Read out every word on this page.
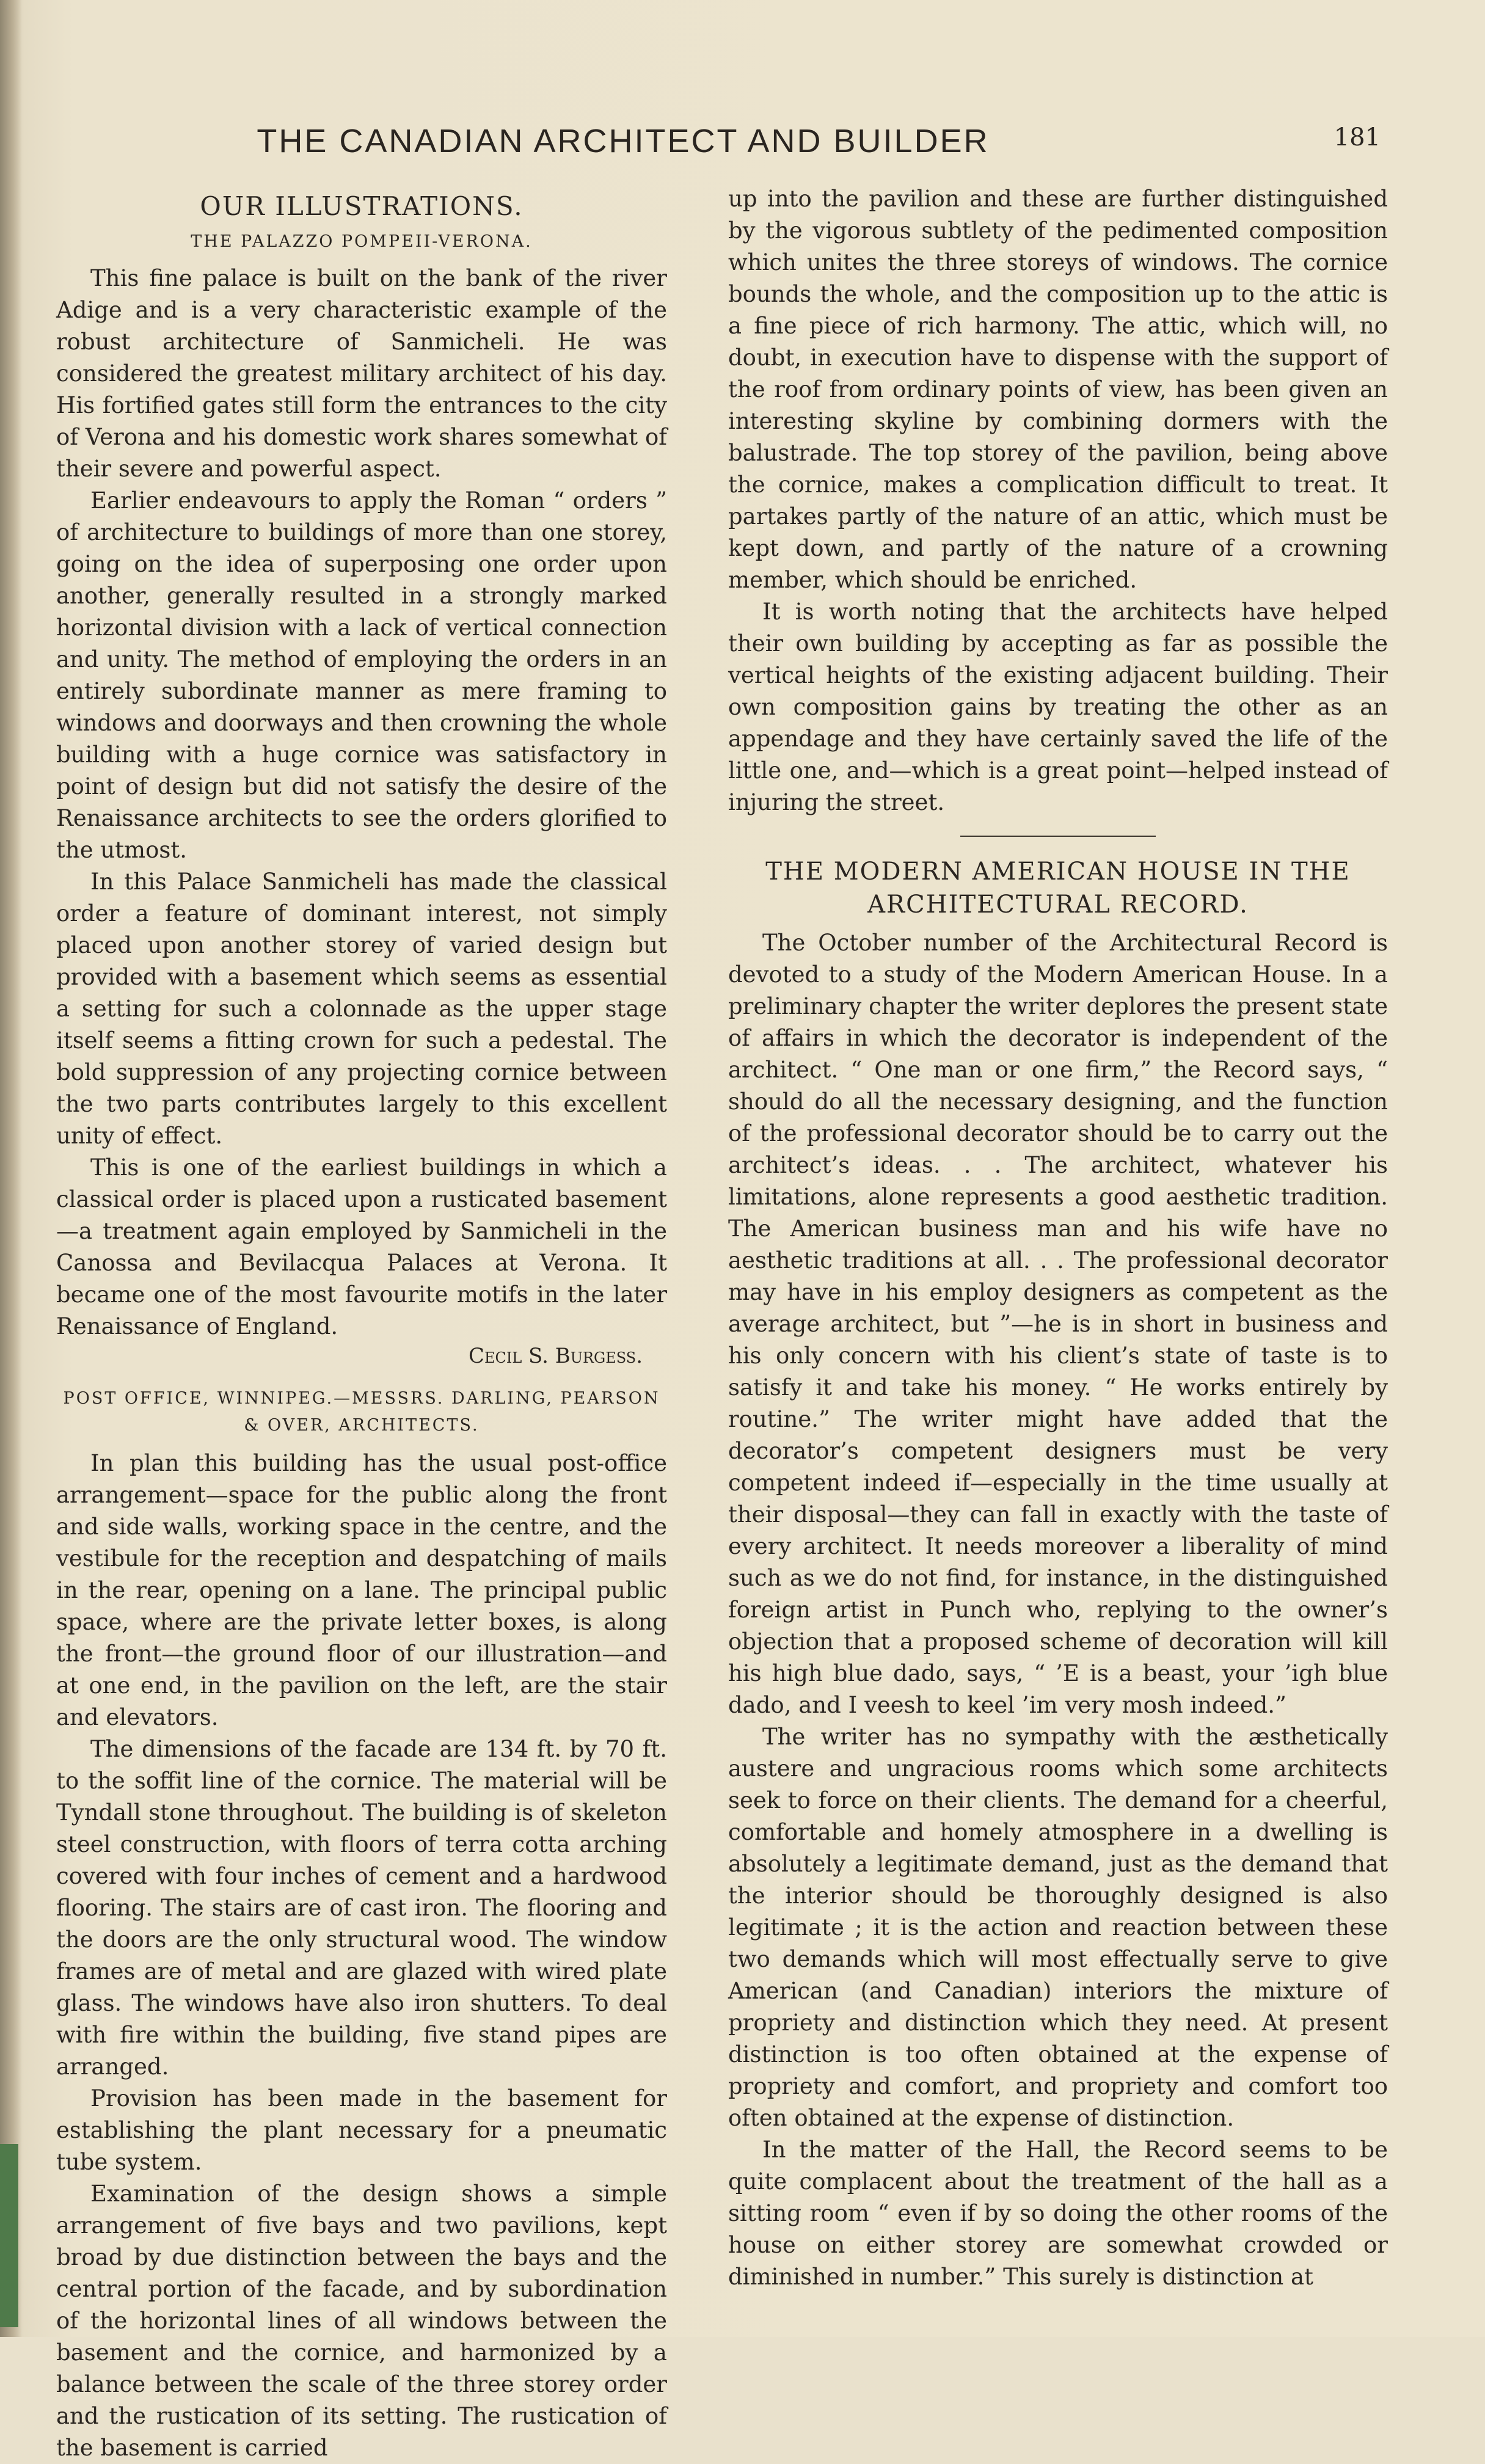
THE CANADIAN ARCHITECT AND BUILDER	181
OUR ILLUSTRATIONS.
THE PALAZZO POMPEII-VERONA.

This fine palace is built on the bank of the river Adige and is a very characteristic example of the robust architecture of Sanmicheli. He was considered the greatest military architect of his day. His fortified gates still form the entrances to the city of Verona and his domestic work shares somewhat of their severe and powerful aspect.

Earlier endeavours to apply the Roman “ orders ” of architecture to buildings of more than one storey, going on the idea of superposing one order upon another, generally resulted in a strongly marked horizontal division with a lack of vertical connection and unity. The method of employing the orders in an entirely subordinate manner as mere framing to windows and doorways and then crowning the whole building with a huge cornice was satisfactory in point of design but did not satisfy the desire of the Renaissance architects to see the orders glorified to the utmost.

In this Palace Sanmicheli has made the classical order a feature of dominant interest, not simply placed upon another storey of varied design but provided with a basement which seems as essential a setting for such a colonnade as the upper stage itself seems a fitting crown for such a pedestal. The bold suppression of any projecting cornice between the two parts contributes largely to this excellent unity of effect.

This is one of the earliest buildings in which a classical order is placed upon a rusticated basement—a treatment again employed by Sanmicheli in the Canossa and Bevilacqua Palaces at Verona. It became one of the most favourite motifs in the later Renaissance of England.

Cecil S. Burgess.
POST OFFICE, WINNIPEG.—MESSRS. DARLING, PEARSON & OVER, ARCHITECTS.

In plan this building has the usual post-office arrangement—space for the public along the front and side walls, working space in the centre, and the vestibule for the reception and despatching of mails in the rear, opening on a lane. The principal public space, where are the private letter boxes, is along the front—the ground floor of our illustration—and at one end, in the pavilion on the left, are the stair and elevators.

The dimensions of the facade are 134 ft. by 70 ft. to the soffit line of the cornice. The material will be Tyndall stone throughout. The building is of skeleton steel construction, with floors of terra cotta arching covered with four inches of cement and a hardwood flooring. The stairs are of cast iron. The flooring and the doors are the only structural wood. The window frames are of metal and are glazed with wired plate glass. The windows have also iron shutters. To deal with fire within the building, five stand pipes are arranged.

Provision has been made in the basement for establishing the plant necessary for a pneumatic tube system.

Examination of the design shows a simple arrangement of five bays and two pavilions, kept broad by due distinction between the bays and the central portion of the facade, and by subordination of the horizontal lines of all windows between the basement and the cornice, and harmonized by a balance between the scale of the three storey order and the rustication of its setting. The rustication of the basement is carried

up into the pavilion and these are further distinguished by the vigorous subtlety of the pedimented composition which unites the three storeys of windows. The cornice bounds the whole, and the composition up to the attic is a fine piece of rich harmony. The attic, which will, no doubt, in execution have to dispense with the support of the roof from ordinary points of view, has been given an interesting skyline by combining dormers with the balustrade. The top storey of the pavilion, being above the cornice, makes a complication difficult to treat. It partakes partly of the nature of an attic, which must be kept down, and partly of the nature of a crowning member, which should be enriched.

It is worth noting that the architects have helped their own building by accepting as far as possible the vertical heights of the existing adjacent building. Their own composition gains by treating the other as an appendage and they have certainly saved the life of the little one, and—which is a great point—helped instead of injuring the street.

THE MODERN AMERICAN HOUSE IN THE ARCHITECTURAL RECORD.

The October number of the Architectural Record is devoted to a study of the Modern American House. In a preliminary chapter the writer deplores the present state of affairs in which the decorator is independent of the architect. “ One man or one firm,” the Record says, “ should do all the necessary designing, and the function of the professional decorator should be to carry out the architect’s ideas. . . The architect, whatever his limitations, alone represents a good aesthetic tradition. The American business man and his wife have no aesthetic traditions at all. . . The professional decorator may have in his employ designers as competent as the average architect, but ”—he is in short in business and his only concern with his client’s state of taste is to satisfy it and take his money. “ He works entirely by routine.” The writer might have added that the decorator’s competent designers must be very competent indeed if—especially in the time usually at their disposal—they can fall in exactly with the taste of every architect. It needs moreover a liberality of mind such as we do not find, for instance, in the distinguished foreign artist in Punch who, replying to the owner’s objection that a proposed scheme of decoration will kill his high blue dado, says, “ ’E is a beast, your ’igh blue dado, and I veesh to keel ’im very mosh indeed.”

The writer has no sympathy with the æsthetically austere and ungracious rooms which some architects seek to force on their clients. The demand for a cheerful, comfortable and homely atmosphere in a dwelling is absolutely a legitimate demand, just as the demand that the interior should be thoroughly designed is also legitimate ; it is the action and reaction between these two demands which will most effectually serve to give American (and Canadian) interiors the mixture of propriety and distinction which they need. At present distinction is too often obtained at the expense of propriety and comfort, and propriety and comfort too often obtained at the expense of distinction.

In the matter of the Hall, the Record seems to be quite complacent about the treatment of the hall as a sitting room “ even if by so doing the other rooms of the house on either storey are somewhat crowded or diminished in number.” This surely is distinction at
